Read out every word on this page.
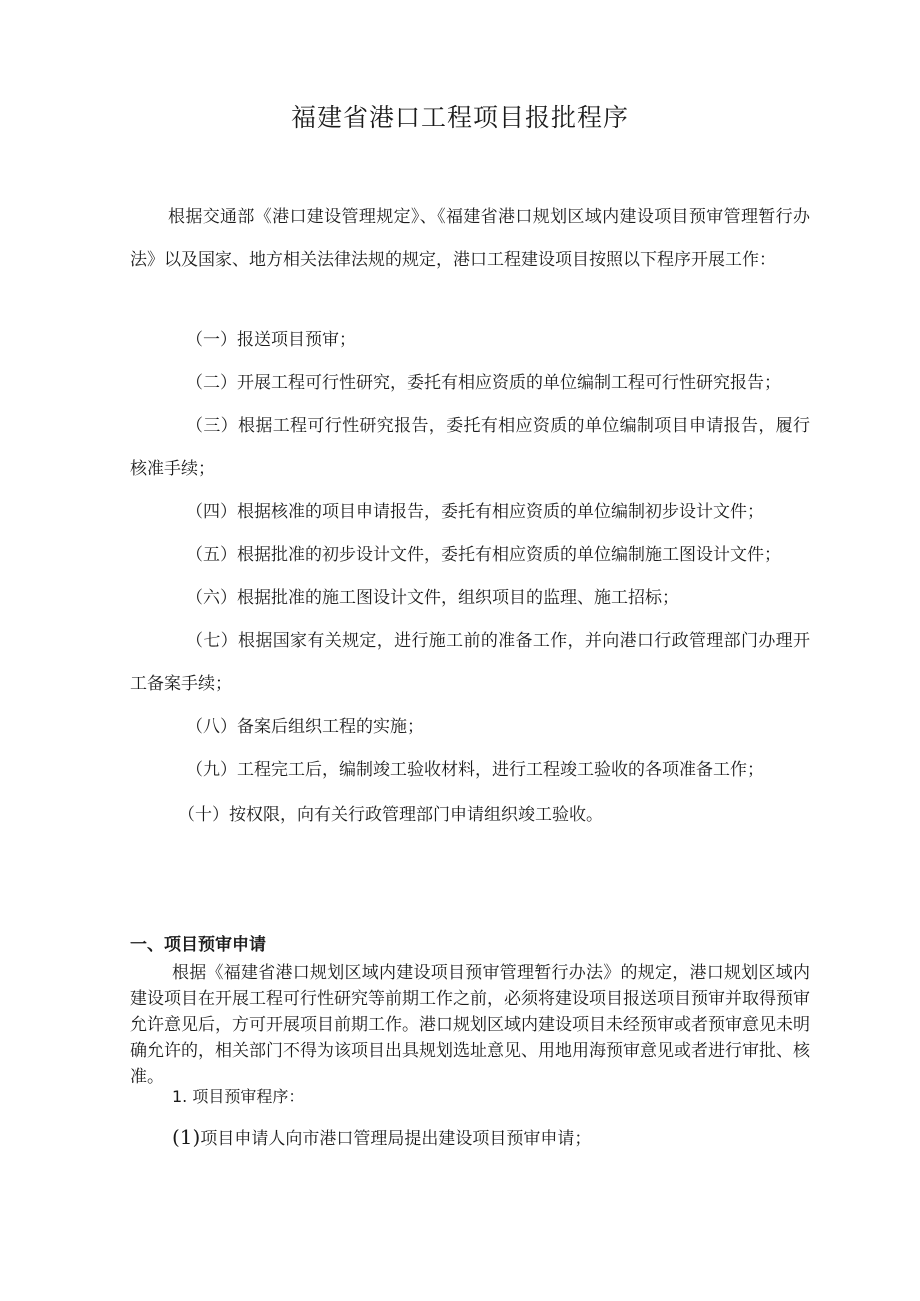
福建省港口工程项目报批程序
根据交通部《港口建设管理规定》、《福建省港口规划区域内建设项目预审管理暂行办法》以及国家、地方相关法律法规的规定，港口工程建设项目按照以下程序开展工作：
（一）报送项目预审；
（二）开展工程可行性研究，委托有相应资质的单位编制工程可行性研究报告；
（三）根据工程可行性研究报告，委托有相应资质的单位编制项目申请报告，履行核准手续；
（四）根据核准的项目申请报告，委托有相应资质的单位编制初步设计文件；
（五）根据批准的初步设计文件，委托有相应资质的单位编制施工图设计文件；
（六）根据批准的施工图设计文件，组织项目的监理、施工招标；
（七）根据国家有关规定，进行施工前的准备工作，并向港口行政管理部门办理开工备案手续；
（八）备案后组织工程的实施；
（九）工程完工后，编制竣工验收材料，进行工程竣工验收的各项准备工作；
（十）按权限，向有关行政管理部门申请组织竣工验收。
一、项目预审申请
根据《福建省港口规划区域内建设项目预审管理暂行办法》的规定，港口规划区域内建设项目在开展工程可行性研究等前期工作之前，必须将建设项目报送项目预审并取得预审允许意见后，方可开展项目前期工作。港口规划区域内建设项目未经预审或者预审意见未明确允许的，相关部门不得为该项目出具规划选址意见、用地用海预审意见或者进行审批、核准。
1. 项目预审程序：
(1)项目申请人向市港口管理局提出建设项目预审申请；
